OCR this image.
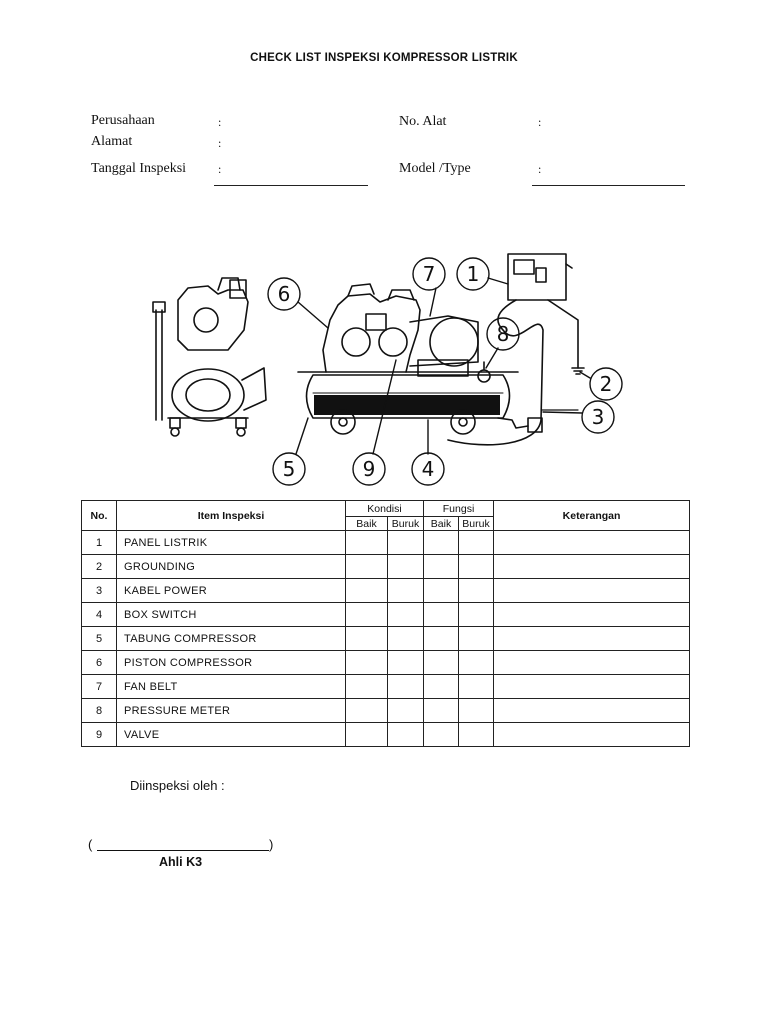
CHECK LIST INSPEKSI KOMPRESSOR LISTRIK
Perusahaan	:
Alamat	:
Tanggal Inspeksi	:
No. Alat	:
Model /Type	:
6
7 1
8
2
3
5	9 4
No.	Item Inspeksi	Kondisi		Fungsi		Keterangan
		Baik	Buruk	Baik	Buruk	
1	PANEL LISTRIK					
2	GROUNDING					
3	KABEL POWER					
4	BOX SWITCH					
5	TABUNG COMPRESSOR					
6	PISTON COMPRESSOR					
7	FAN BELT					
8	PRESSURE METER					
9	VALVE					
Diinspeksi oleh :
(	)
Ahli K3
